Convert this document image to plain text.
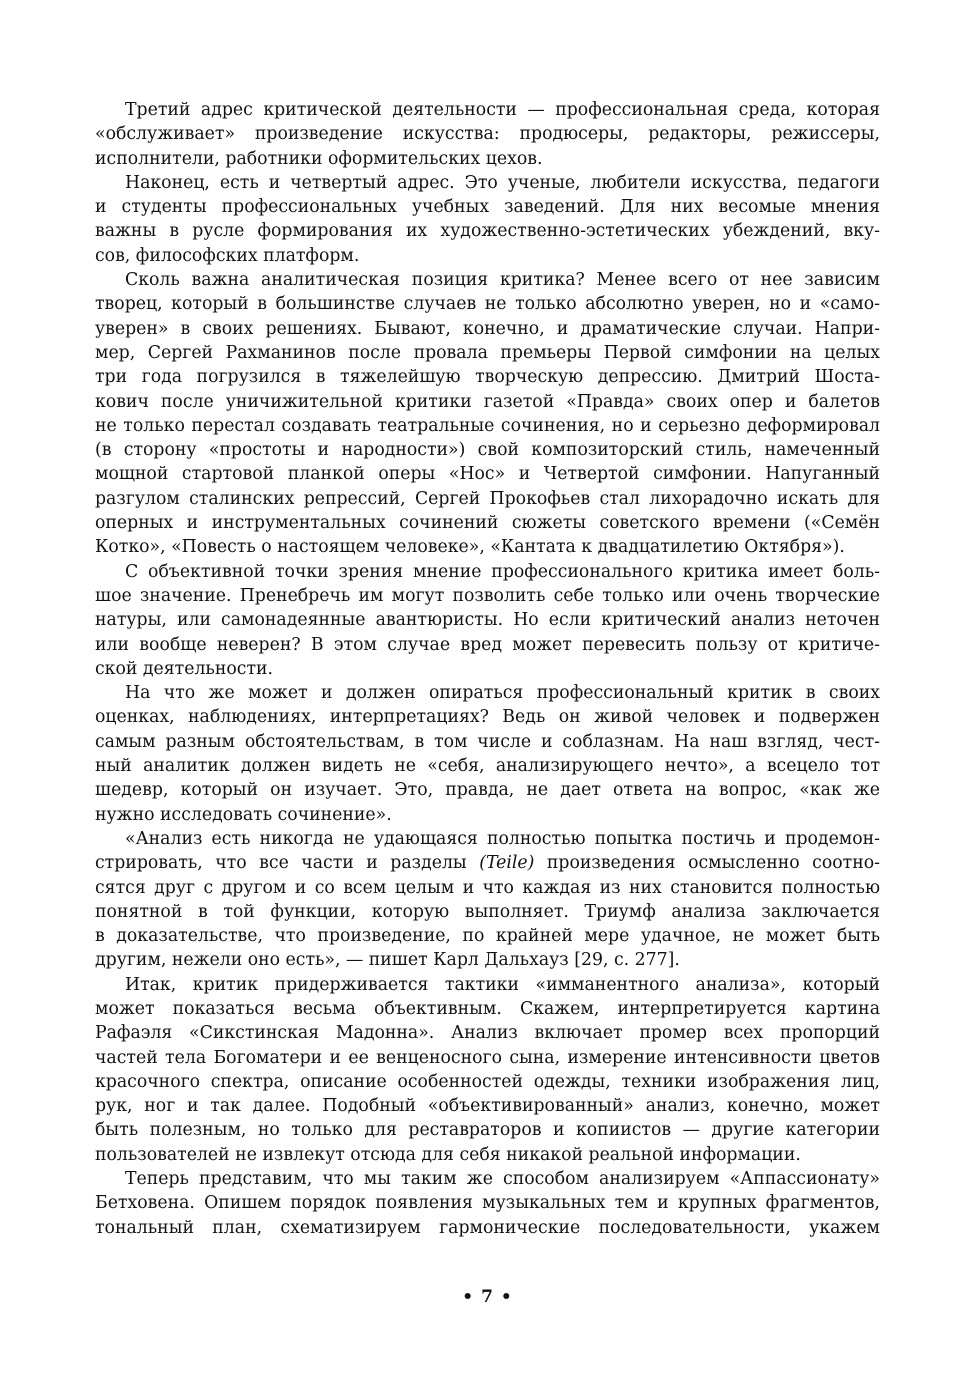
Третий адрес критической деятельности — профессиональная среда, которая
«обслуживает» произведение искусства: продюсеры, редакторы, режиссеры,
исполнители, работники оформительских цехов.

Наконец, есть и четвертый адрес. Это ученые, любители искусства, педагоги
и студенты профессиональных учебных заведений. Для них весомые мнения
важны в русле формирования их художественно-эстетических убеждений, вку-
сов, философских платформ.

Сколь важна аналитическая позиция критика? Менее всего от нее зависим
творец, который в большинстве случаев не только абсолютно уверен, но и «само-
уверен» в своих решениях. Бывают, конечно, и драматические случаи. Напри-
мер, Сергей Рахманинов после провала премьеры Первой симфонии на целых
три года погрузился в тяжелейшую творческую депрессию. Дмитрий Шоста-
кович после уничижительной критики газетой «Правда» своих опер и балетов
не только перестал создавать театральные сочинения, но и серьезно деформировал
(в сторону «простоты и народности») свой композиторский стиль, намеченный
мощной стартовой планкой оперы «Нос» и Четвертой симфонии. Напуганный
разгулом сталинских репрессий, Сергей Прокофьев стал лихорадочно искать для
оперных и инструментальных сочинений сюжеты советского времени («Семён
Котко», «Повесть о настоящем человеке», «Кантата к двадцатилетию Октября»).

С объективной точки зрения мнение профессионального критика имеет боль-
шое значение. Пренебречь им могут позволить себе только или очень творческие
натуры, или самонадеянные авантюристы. Но если критический анализ неточен
или вообще неверен? В этом случае вред может перевесить пользу от критиче-
ской деятельности.

На что же может и должен опираться профессиональный критик в своих
оценках, наблюдениях, интерпретациях? Ведь он живой человек и подвержен
самым разным обстоятельствам, в том числе и соблазнам. На наш взгляд, чест-
ный аналитик должен видеть не «себя, анализирующего нечто», а всецело тот
шедевр, который он изучает. Это, правда, не дает ответа на вопрос, «как же
нужно исследовать сочинение».

«Анализ есть никогда не удающаяся полностью попытка постичь и продемон-
стрировать, что все части и разделы (Teile) произведения осмысленно соотно-
сятся друг с другом и со всем целым и что каждая из них становится полностью
понятной в той функции, которую выполняет. Триумф анализа заключается
в доказательстве, что произведение, по крайней мере удачное, не может быть
другим, нежели оно есть», — пишет Карл Дальхауз [29, с. 277].

Итак, критик придерживается тактики «имманентного анализа», который
может показаться весьма объективным. Скажем, интерпретируется картина
Рафаэля «Сикстинская Мадонна». Анализ включает промер всех пропорций
частей тела Богоматери и ее венценосного сына, измерение интенсивности цветов
красочного спектра, описание особенностей одежды, техники изображения лиц,
рук, ног и так далее. Подобный «объективированный» анализ, конечно, может
быть полезным, но только для реставраторов и копиистов — другие категории
пользователей не извлекут отсюда для себя никакой реальной информации.

Теперь представим, что мы таким же способом анализируем «Аппассионату»
Бетховена. Опишем порядок появления музыкальных тем и крупных фрагментов,
тональный план, схематизируем гармонические последовательности, укажем

• 7 •
